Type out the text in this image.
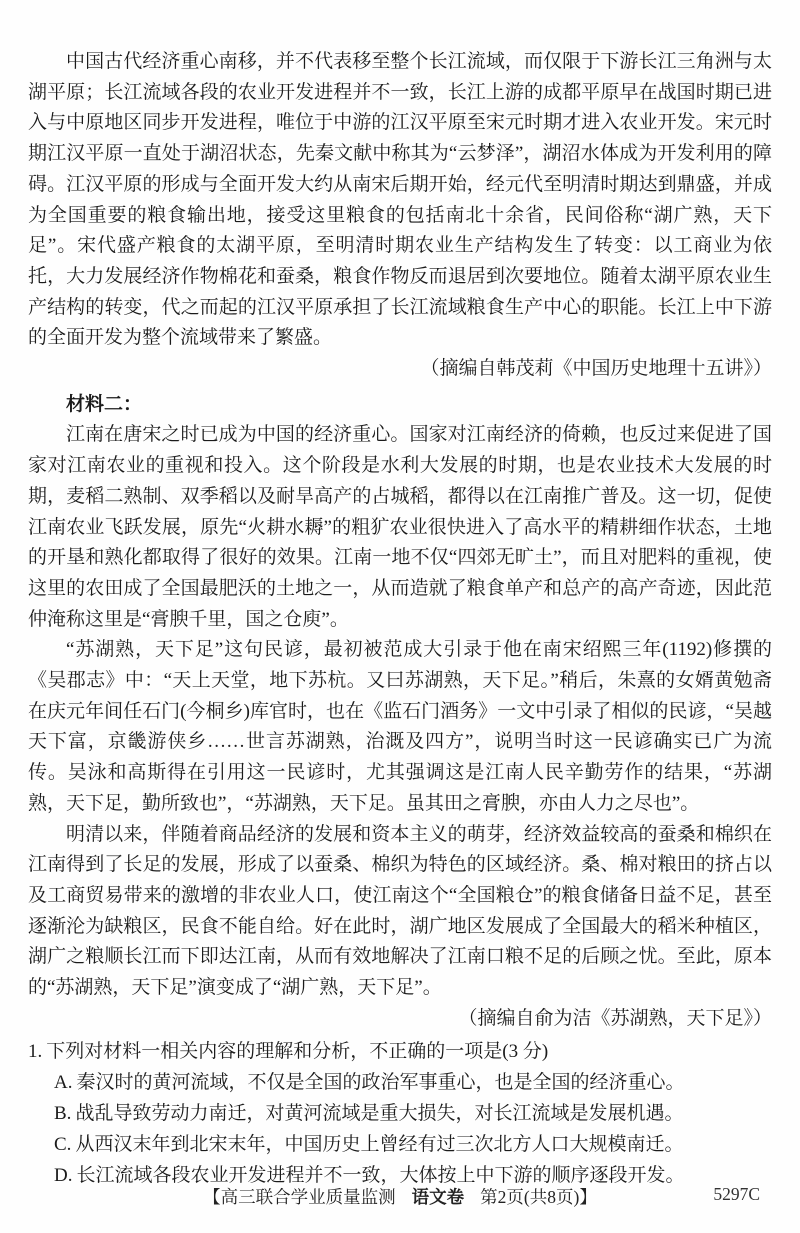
中国古代经济重心南移，并不代表移至整个长江流域，而仅限于下游长江三角洲与太湖平原；长江流域各段的农业开发进程并不一致，长江上游的成都平原早在战国时期已进入与中原地区同步开发进程，唯位于中游的江汉平原至宋元时期才进入农业开发。宋元时期江汉平原一直处于湖沼状态，先秦文献中称其为“云梦泽”，湖沼水体成为开发利用的障碍。江汉平原的形成与全面开发大约从南宋后期开始，经元代至明清时期达到鼎盛，并成为全国重要的粮食输出地，接受这里粮食的包括南北十余省，民间俗称“湖广熟，天下足”。宋代盛产粮食的太湖平原，至明清时期农业生产结构发生了转变：以工商业为依托，大力发展经济作物棉花和蚕桑，粮食作物反而退居到次要地位。随着太湖平原农业生产结构的转变，代之而起的江汉平原承担了长江流域粮食生产中心的职能。长江上中下游的全面开发为整个流域带来了繁盛。
（摘编自韩茂莉《中国历史地理十五讲》）
材料二：
江南在唐宋之时已成为中国的经济重心。国家对江南经济的倚赖，也反过来促进了国家对江南农业的重视和投入。这个阶段是水利大发展的时期，也是农业技术大发展的时期，麦稻二熟制、双季稻以及耐旱高产的占城稻，都得以在江南推广普及。这一切，促使江南农业飞跃发展，原先“火耕水耨”的粗犷农业很快进入了高水平的精耕细作状态，土地的开垦和熟化都取得了很好的效果。江南一地不仅“四郊无旷土”，而且对肥料的重视，使这里的农田成了全国最肥沃的土地之一，从而造就了粮食单产和总产的高产奇迹，因此范仲淹称这里是“膏腴千里，国之仓庾”。
“苏湖熟，天下足”这句民谚，最初被范成大引录于他在南宋绍熙三年(1192)修撰的《吴郡志》中：“天上天堂，地下苏杭。又曰苏湖熟，天下足。”稍后，朱熹的女婿黄勉斋在庆元年间任石门(今桐乡)库官时，也在《监石门酒务》一文中引录了相似的民谚，“吴越天下富，京畿游侠乡……世言苏湖熟，治溉及四方”，说明当时这一民谚确实已广为流传。吴泳和高斯得在引用这一民谚时，尤其强调这是江南人民辛勤劳作的结果，“苏湖熟，天下足，勤所致也”，“苏湖熟，天下足。虽其田之膏腴，亦由人力之尽也”。
明清以来，伴随着商品经济的发展和资本主义的萌芽，经济效益较高的蚕桑和棉织在江南得到了长足的发展，形成了以蚕桑、棉织为特色的区域经济。桑、棉对粮田的挤占以及工商贸易带来的激增的非农业人口，使江南这个“全国粮仓”的粮食储备日益不足，甚至逐渐沦为缺粮区，民食不能自给。好在此时，湖广地区发展成了全国最大的稻米种植区，湖广之粮顺长江而下即达江南，从而有效地解决了江南口粮不足的后顾之忧。至此，原本的“苏湖熟，天下足”演变成了“湖广熟，天下足”。
（摘编自俞为洁《苏湖熟，天下足》）
1. 下列对材料一相关内容的理解和分析，不正确的一项是(3 分)
A. 秦汉时的黄河流域，不仅是全国的政治军事重心，也是全国的经济重心。
B. 战乱导致劳动力南迁，对黄河流域是重大损失，对长江流域是发展机遇。
C. 从西汉末年到北宋末年，中国历史上曾经有过三次北方人口大规模南迁。
D. 长江流域各段农业开发进程并不一致，大体按上中下游的顺序逐段开发。
【高三联合学业质量监测 语文卷 第2页(共8页)】	5297C
